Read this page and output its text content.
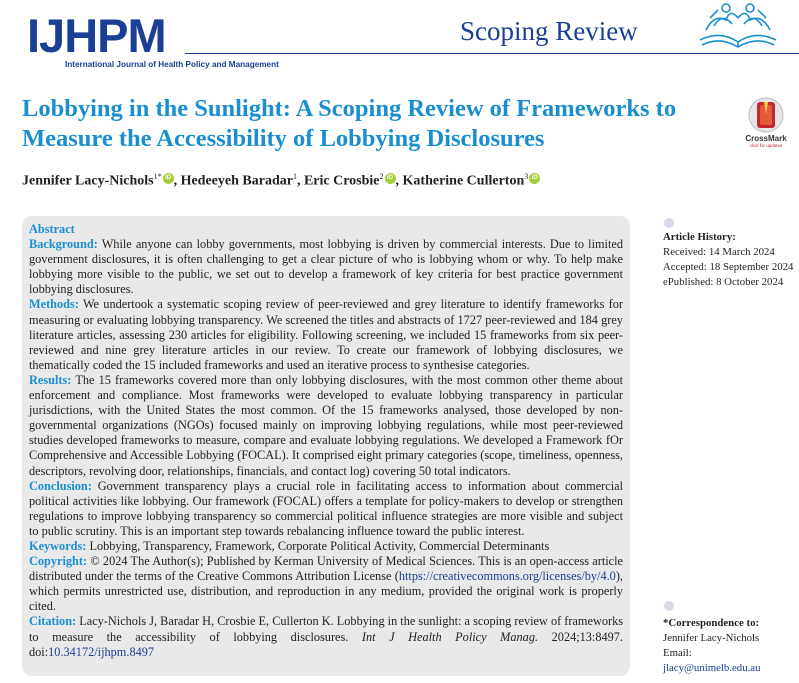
IJHPM
International Journal of Health Policy and Management
Scoping Review
Lobbying in the Sunlight: A Scoping Review of Frameworks to Measure the Accessibility of Lobbying Disclosures	CrossMark
click for updates
Jennifer Lacy-Nichols$^{1*}$ iD , Hedeeyeh Baradar$^1$, Eric Crosbie$^2$ iD , Katherine Cullerton$^3$ iD
Abstract

Background: While anyone can lobby governments, most lobbying is driven by commercial interests. Due to limited government disclosures, it is often challenging to get a clear picture of who is lobbying whom or why. To help make lobbying more visible to the public, we set out to develop a framework of key criteria for best practice government lobbying disclosures.

Methods: We undertook a systematic scoping review of peer-reviewed and grey literature to identify frameworks for measuring or evaluating lobbying transparency. We screened the titles and abstracts of 1727 peer-reviewed and 184 grey literature articles, assessing 230 articles for eligibility. Following screening, we included 15 frameworks from six peer-reviewed and nine grey literature articles in our review. To create our framework of lobbying disclosures, we thematically coded the 15 included frameworks and used an iterative process to synthesise categories.

Results: The 15 frameworks covered more than only lobbying disclosures, with the most common other theme about enforcement and compliance. Most frameworks were developed to evaluate lobbying transparency in particular jurisdictions, with the United States the most common. Of the 15 frameworks analysed, those developed by non-governmental organizations (NGOs) focused mainly on improving lobbying regulations, while most peer-reviewed studies developed frameworks to measure, compare and evaluate lobbying regulations. We developed a Framework fOr Comprehensive and Accessible Lobbying (FOCAL). It comprised eight primary categories (scope, timeliness, openness, descriptors, revolving door, relationships, financials, and contact log) covering 50 total indicators.

Conclusion: Government transparency plays a crucial role in facilitating access to information about commercial political activities like lobbying. Our framework (FOCAL) offers a template for policy-makers to develop or strengthen regulations to improve lobbying transparency so commercial political influence strategies are more visible and subject to public scrutiny. This is an important step towards rebalancing influence toward the public interest.

Keywords: Lobbying, Transparency, Framework, Corporate Political Activity, Commercial Determinants

Copyright: © 2024 The Author(s); Published by Kerman University of Medical Sciences. This is an open-access article distributed under the terms of the Creative Commons Attribution License (https://creativecommons.org/licenses/by/4.0), which permits unrestricted use, distribution, and reproduction in any medium, provided the original work is properly cited.

Citation: Lacy-Nichols J, Baradar H, Crosbie E, Cullerton K. Lobbying in the sunlight: a scoping review of frameworks to measure the accessibility of lobbying disclosures. Int J Health Policy Manag. 2024;13:8497. doi:10.34172/ijhpm.8497

Article History:
Received: 14 March 2024
Accepted: 18 September 2024
ePublished: 8 October 2024
*Correspondence to:
Jennifer Lacy-Nichols
Email:
jlacy@unimelb.edu.au
